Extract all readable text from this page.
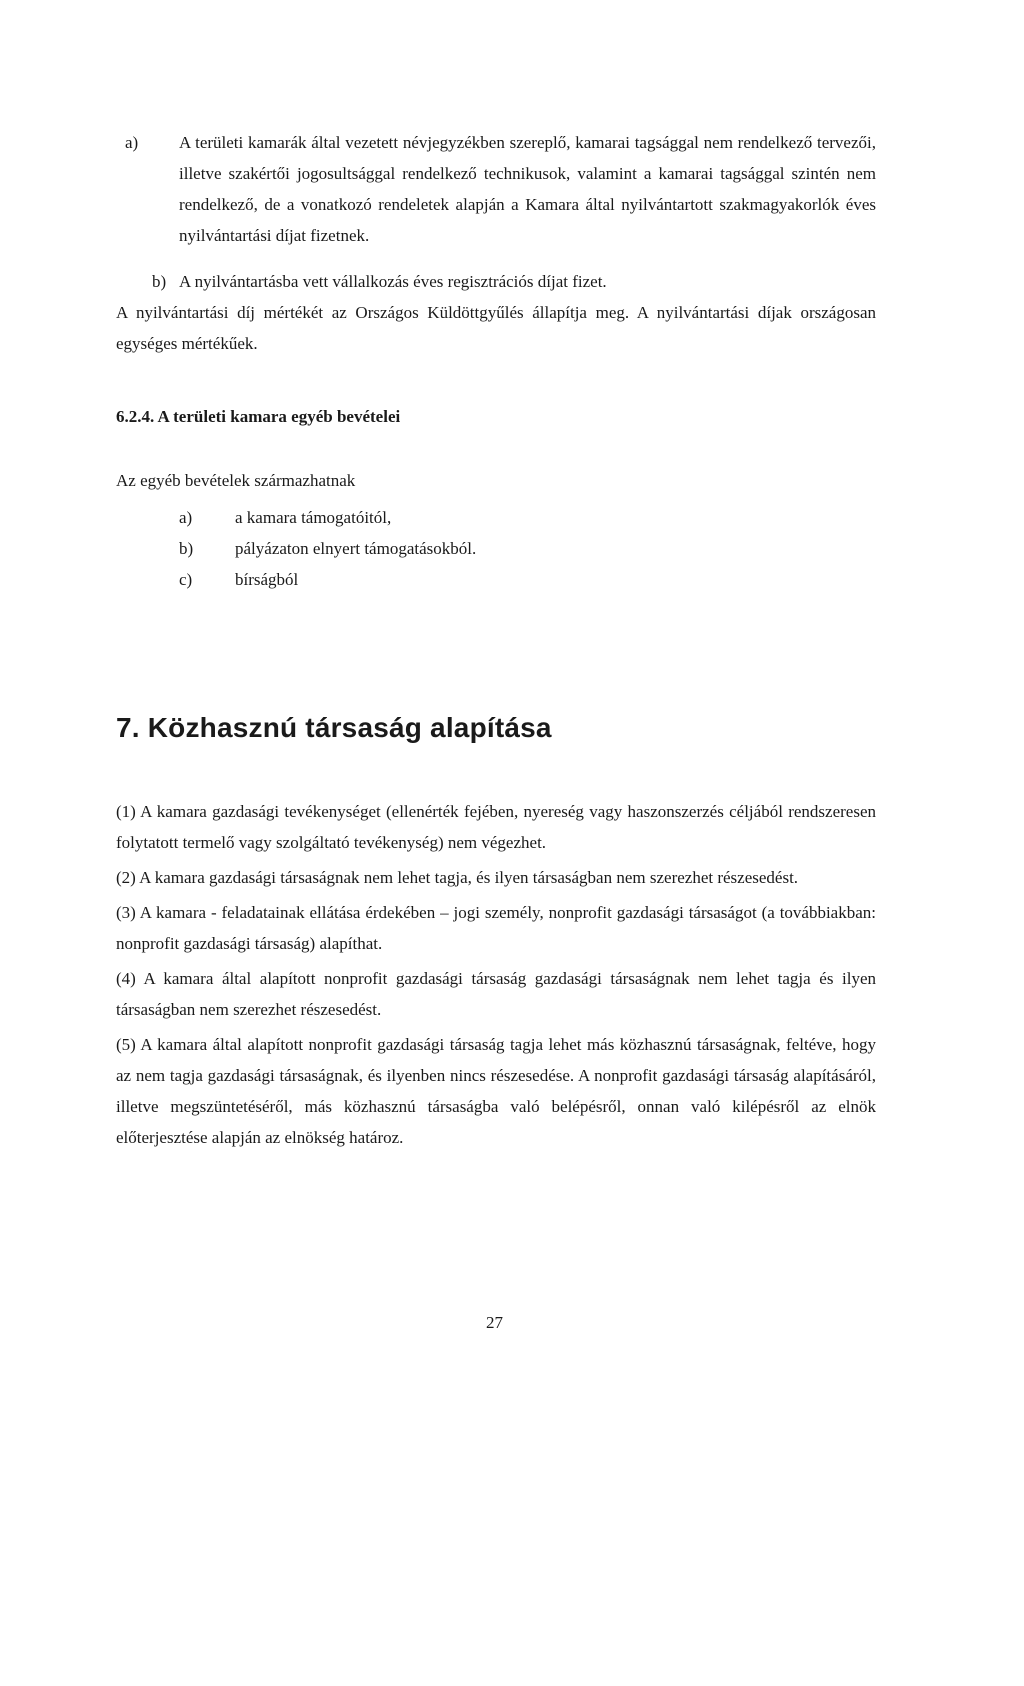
a) A területi kamarák által vezetett névjegyzékben szereplő, kamarai tagsággal nem rendelkező tervezői, illetve szakértői jogosultsággal rendelkező technikusok, valamint a kamarai tagsággal szintén nem rendelkező, de a vonatkozó rendeletek alapján a Kamara által nyilvántartott szakmagyakorlók éves nyilvántartási díjat fizetnek.
b) A nyilvántartásba vett vállalkozás éves regisztrációs díjat fizet.
A nyilvántartási díj mértékét az Országos Küldöttgyűlés állapítja meg. A nyilvántartási díjak országosan egységes mértékűek.
6.2.4. A területi kamara egyéb bevételei
Az egyéb bevételek származhatnak
a)	a kamara támogatóitól,
b)	pályázaton elnyert támogatásokból.
c)	bírságból
7. Közhasznú társaság alapítása

(1) A kamara gazdasági tevékenységet (ellenérték fejében, nyereség vagy haszonszerzés céljából rendszeresen folytatott termelő vagy szolgáltató tevékenység) nem végezhet.

(2) A kamara gazdasági társaságnak nem lehet tagja, és ilyen társaságban nem szerezhet részesedést.

(3) A kamara - feladatainak ellátása érdekében – jogi személy, nonprofit gazdasági társaságot (a továbbiakban: nonprofit gazdasági társaság) alapíthat.

(4) A kamara által alapított nonprofit gazdasági társaság gazdasági társaságnak nem lehet tagja és ilyen társaságban nem szerezhet részesedést.

(5) A kamara által alapított nonprofit gazdasági társaság tagja lehet más közhasznú társaságnak, feltéve, hogy az nem tagja gazdasági társaságnak, és ilyenben nincs részesedése. A nonprofit gazdasági társaság alapításáról, illetve megszüntetéséről, más közhasznú társaságba való belépésről, onnan való kilépésről az elnök előterjesztése alapján az elnökség határoz.

27
